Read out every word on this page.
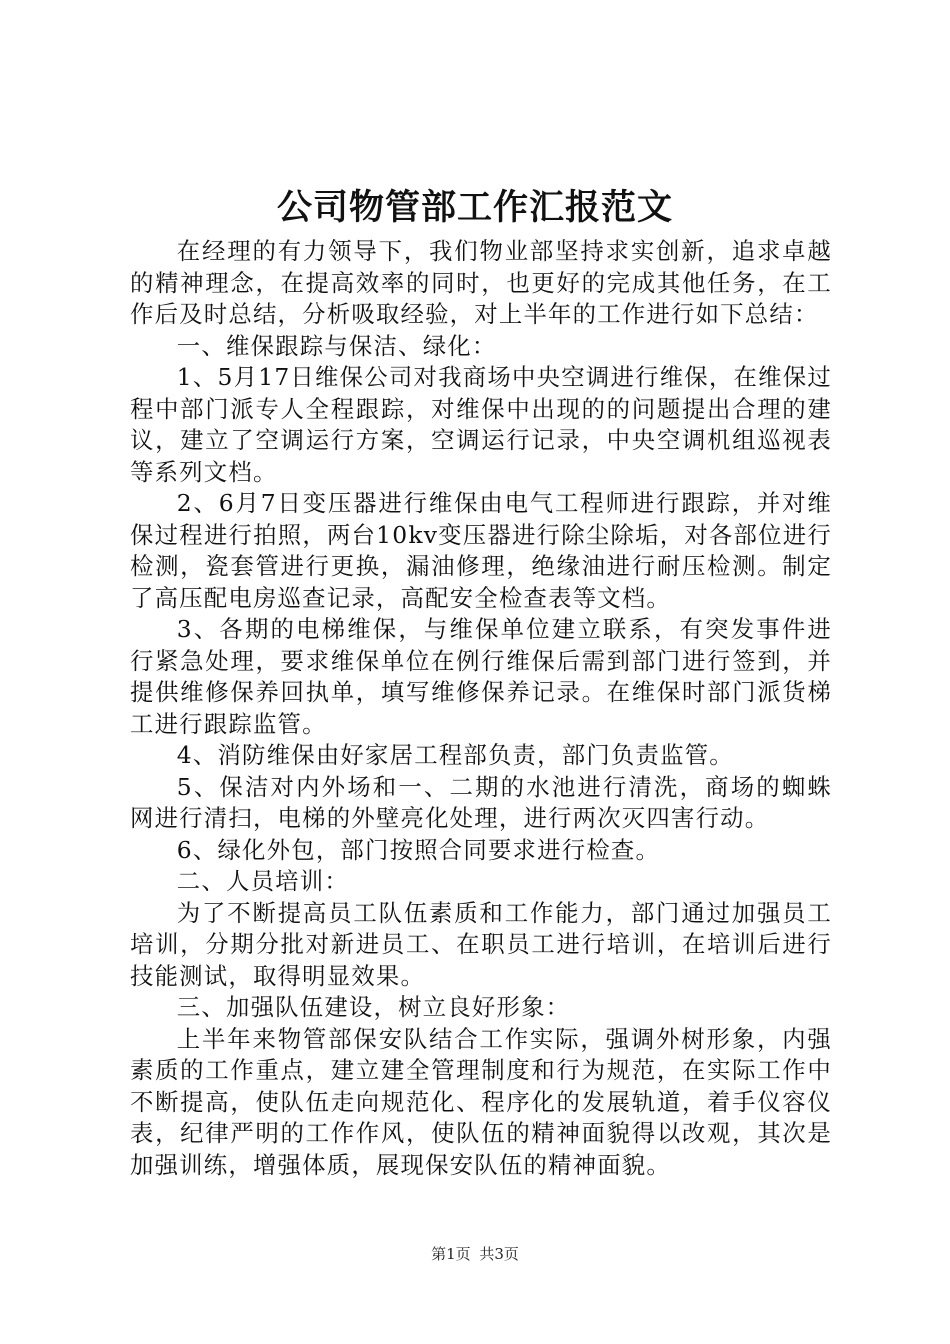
公司物管部工作汇报范文

在经理的有力领导下，我们物业部坚持求实创新，追求卓越的精神理念，在提高效率的同时，也更好的完成其他任务，在工作后及时总结，分析吸取经验，对上半年的工作进行如下总结：

一、维保跟踪与保洁、绿化：

1、5月17日维保公司对我商场中央空调进行维保，在维保过程中部门派专人全程跟踪，对维保中出现的的问题提出合理的建议，建立了空调运行方案，空调运行记录，中央空调机组巡视表等系列文档。

2、6月7日变压器进行维保由电气工程师进行跟踪，并对维保过程进行拍照，两台10kv变压器进行除尘除垢，对各部位进行检测，瓷套管进行更换，漏油修理，绝缘油进行耐压检测。制定了高压配电房巡查记录，高配安全检查表等文档。

3、各期的电梯维保，与维保单位建立联系，有突发事件进行紧急处理，要求维保单位在例行维保后需到部门进行签到，并提供维修保养回执单，填写维修保养记录。在维保时部门派货梯工进行跟踪监管。

4、消防维保由好家居工程部负责，部门负责监管。

5、保洁对内外场和一、二期的水池进行清洗，商场的蜘蛛网进行清扫，电梯的外壁亮化处理，进行两次灭四害行动。

6、绿化外包，部门按照合同要求进行检查。

二、人员培训：

为了不断提高员工队伍素质和工作能力，部门通过加强员工培训，分期分批对新进员工、在职员工进行培训，在培训后进行技能测试，取得明显效果。

三、加强队伍建设，树立良好形象：

上半年来物管部保安队结合工作实际，强调外树形象，内强素质的工作重点，建立建全管理制度和行为规范，在实际工作中不断提高，使队伍走向规范化、程序化的发展轨道，着手仪容仪表，纪律严明的工作作风，使队伍的精神面貌得以改观，其次是加强训练，增强体质，展现保安队伍的精神面貌。

第1页 共3页
